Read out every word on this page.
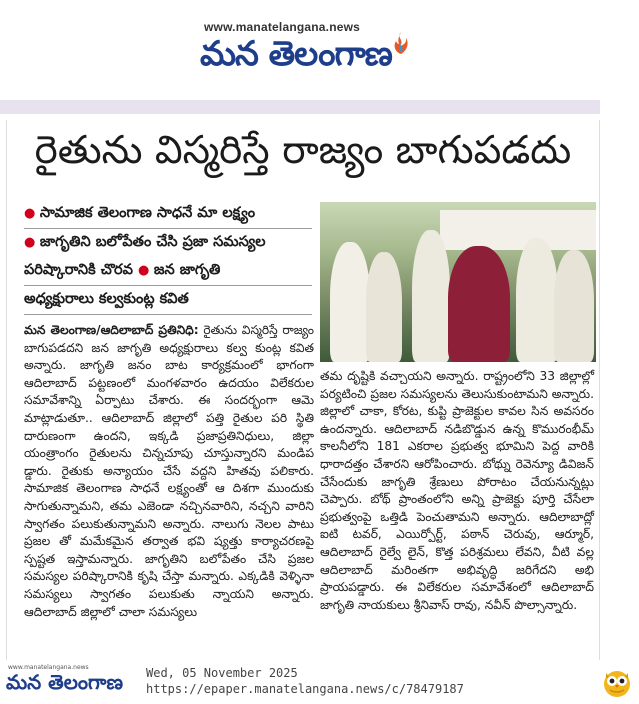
www.manatelangana.news
మన తెలంగాణ
రైతును విస్మరిస్తే రాజ్యం బాగుపడదు
● సామాజిక తెలంగాణ సాధనే మా లక్ష్యం
● జాగృతిని బలోపేతం చేసి ప్రజా సమస్యల
పరిష్కారానికి చొరవ ● జన జాగృతి
అధ్యక్షురాలు కల్వకుంట్ల కవిత
మన తెలంగాణ/ఆదిలాబాద్ ప్రతినిధి: రైతును విస్మరిస్తే రాజ్యం బాగుపడదని జన జాగృతి అధ్యక్షురాలు కల్వ కుంట్ల కవిత అన్నారు. జాగృతి జనం బాట కార్యక్రమంలో భాగంగా ఆదిలాబాద్ పట్టణంలో మంగళవారం ఉదయం విలేకరుల సమావేశాన్ని ఏర్పాటు చేశారు. ఈ సందర్భంగా ఆమె మాట్లాడుతూ.. ఆదిలాబాద్ జిల్లాలో పత్తి రైతుల పరి స్థితి దారుణంగా ఉందని, ఇక్కడి ప్రజాప్రతినిధులు, జిల్లా యంత్రాంగం రైతులను చిన్నచూపు చూస్తున్నారని మండిప డ్డారు. రైతుకు అన్యాయం చేసే వద్దని హితవు పలికారు. సామాజిక తెలంగాణ సాధనే లక్ష్యంతో ఆ దిశగా ముందుకు సాగుతున్నామని, తమ ఎజెండా నచ్చినవారిని, నచ్చని వారిని స్వాగతం పలుకుతున్నామని అన్నారు. నాలుగు నెలల పాటు ప్రజల తో మమేకమైన తర్వాత భవి ష్యత్తు కార్యాచరణపై స్పష్టత ఇస్తామన్నారు. జాగృతిని బలోపేతం చేసి ప్రజల సమస్యల పరిష్కారానికి కృషి చేస్తా మన్నారు. ఎక్కడికి వెళ్ళినా సమస్యలు స్వాగతం పలుకుతు న్నాయని అన్నారు. ఆదిలాబాద్ జిల్లాలో చాలా సమస్యలు
తమ దృష్టికి వచ్చాయని అన్నారు. రాష్ట్రంలోని 33 జిల్లాల్లో పర్యటించి ప్రజల సమస్యలను తెలుసుకుంటామని అన్నారు. జిల్లాలో చాకా, కోరట, కుప్టి ప్రాజెక్టుల కావల సిన అవసరం ఉందన్నారు. ఆదిలాబాద్ నడిబొడ్డున ఉన్న కొమురంభీమ్ కాలనీలోని 181 ఎకరాల ప్రభుత్వ భూమిని పెద్ద వారికి ధారాదత్తం చేశారని ఆరోపించారు. బోథ్ను రెవెన్యూ డివిజన్ చేసేందుకు జాగృతి శ్రేణులు పోరాటం చేయనున్నట్లు చెప్పారు. బోథ్ ప్రాంతంలోని అన్ని ప్రాజెక్టు పూర్తి చేసేలా ప్రభుత్వంపై ఒత్తిడి పెంచుతామని అన్నారు. ఆదిలాబాద్లో ఐటి టవర్, ఎయిర్పోర్ట్, పఠాన్ చెరువు, ఆర్మూర్, ఆదిలాబాద్ రైల్వే లైన్, కొత్త పరిశ్రమలు లేవని, వీటి వల్ల ఆదిలాబాద్ మరింతగా అభివృద్ధి జరిగేదని అభి ప్రాయపడ్డారు. ఈ విలేకరుల సమావేశంలో ఆదిలాబాద్ జాగృతి నాయకులు శ్రీనివాస్ రావు, నవీన్ పొల్సాన్నారు.
www.manatelangana.news
మన తెలంగాణ Wed, 05 November 2025
https://epaper.manatelangana.news/c/78479187
